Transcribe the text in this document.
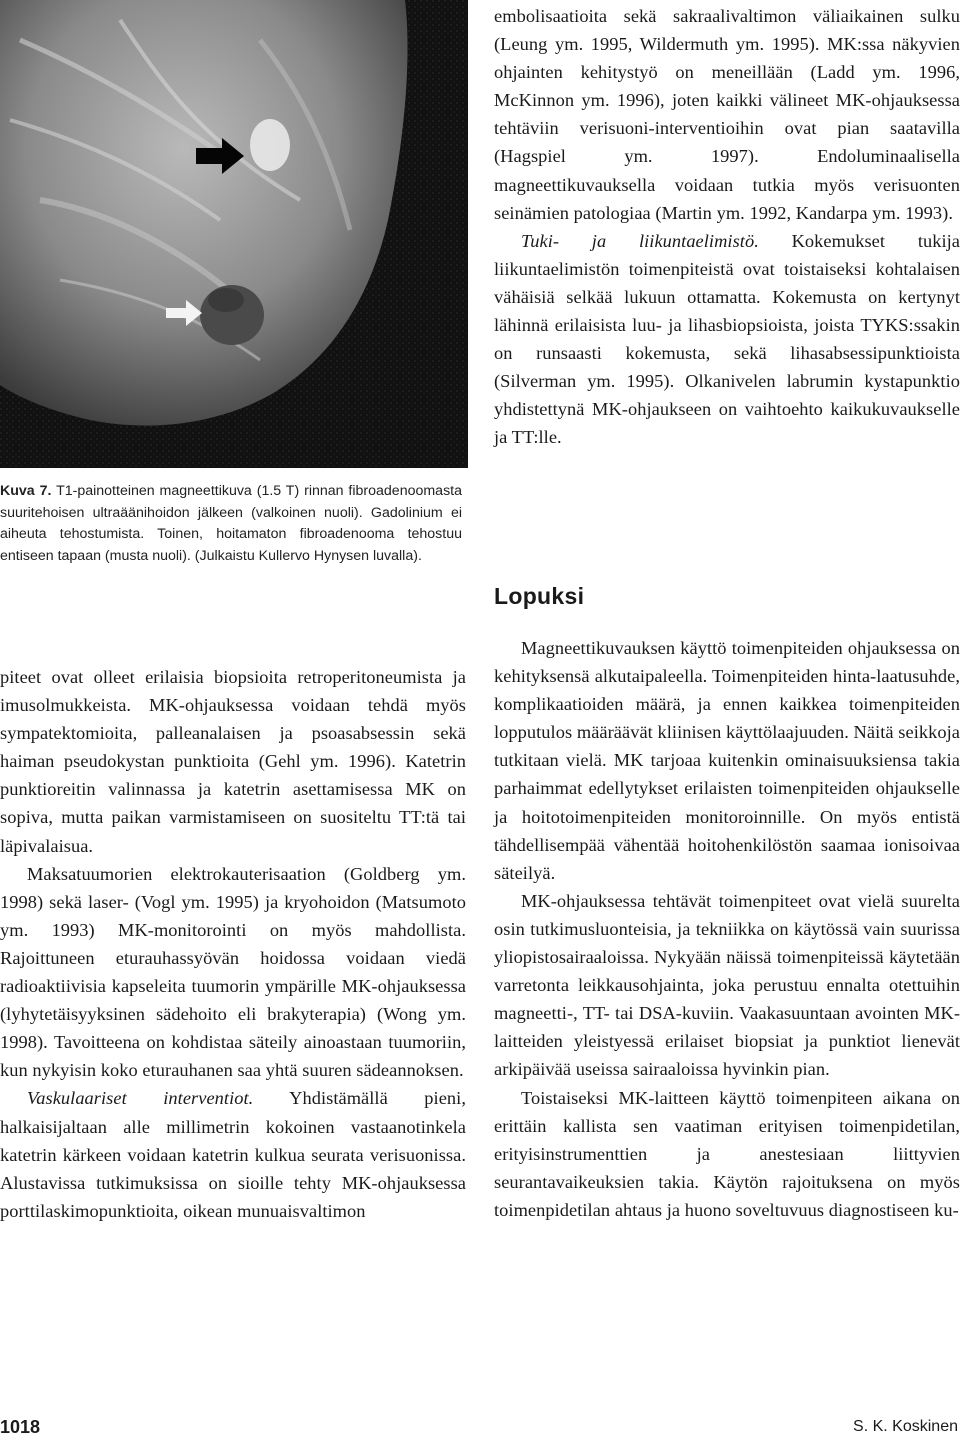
Kuva 7. T1-painotteinen magneettikuva (1.5 T) rinnan fibroadenoomasta suuritehoisen ultraäänihoidon jälkeen (valkoinen nuoli). Gadolinium ei aiheuta tehostumista. Toinen, hoitamaton fibroadenooma tehostuu entiseen tapaan (musta nuoli). (Julkaistu Kullervo Hynysen luvalla).

piteet ovat olleet erilaisia biopsioita retroperitoneumista ja imusolmukkeista. MK-ohjauksessa voidaan tehdä myös sympatektomioita, palleanalaisen ja psoasabsessin sekä haiman pseudokystan punktioita (Gehl ym. 1996). Katetrin punktioreitin valinnassa ja katetrin asettamisessa MK on sopiva, mutta paikan varmistamiseen on suositeltu TT:tä tai läpivalaisua.

Maksatuumorien elektrokauterisaation (Goldberg ym. 1998) sekä laser- (Vogl ym. 1995) ja kryohoidon (Matsumoto ym. 1993) MK-monitorointi on myös mahdollista. Rajoittuneen eturauhassyövän hoidossa voidaan viedä radioaktiivisia kapseleita tuumorin ympärille MK-ohjauksessa (lyhytetäisyyksinen sädehoito eli brakyterapia) (Wong ym. 1998). Tavoitteena on kohdistaa säteily ainoastaan tuumoriin, kun nykyisin koko eturauhanen saa yhtä suuren sädeannoksen.

Vaskulaariset interventiot. Yhdistämällä pieni, halkaisijaltaan alle millimetrin kokoinen vastaanotinkela katetrin kärkeen voidaan katetrin kulkua seurata verisuonissa. Alustavissa tutkimuksissa on sioille tehty MK-ohjauksessa porttilaskimopunktioita, oikean munuaisvaltimon

embolisaatioita sekä sakraalivaltimon väliaikainen sulku (Leung ym. 1995, Wildermuth ym. 1995). MK:ssa näkyvien ohjainten kehitystyö on meneillään (Ladd ym. 1996, McKinnon ym. 1996), joten kaikki välineet MK-ohjauksessa tehtäviin verisuoni-interventioihin ovat pian saatavilla (Hagspiel ym. 1997). Endoluminaalisella magneettikuvauksella voidaan tutkia myös verisuonten seinämien patologiaa (Martin ym. 1992, Kandarpa ym. 1993).

Tuki- ja liikuntaelimistö. Kokemukset tukija liikuntaelimistön toimenpiteistä ovat toistaiseksi kohtalaisen vähäisiä selkää lukuun ottamatta. Kokemusta on kertynyt lähinnä erilaisista luu- ja lihasbiopsioista, joista TYKS:ssakin on runsaasti kokemusta, sekä lihasabsessipunktioista (Silverman ym. 1995). Olkanivelen labrumin kystapunktio yhdistettynä MK-ohjaukseen on vaihtoehto kaikukuvaukselle ja TT:lle.

Lopuksi

Magneettikuvauksen käyttö toimenpiteiden ohjauksessa on kehityksensä alkutaipaleella. Toimenpiteiden hinta-laatusuhde, komplikaatioiden määrä, ja ennen kaikkea toimenpiteiden lopputulos määräävät kliinisen käyttölaajuuden. Näitä seikkoja tutkitaan vielä. MK tarjoaa kuitenkin ominaisuuksiensa takia parhaimmat edellytykset erilaisten toimenpiteiden ohjaukselle ja hoitotoimenpiteiden monitoroinnille. On myös entistä tähdellisempää vähentää hoitohenkilöstön saamaa ionisoivaa säteilyä.

MK-ohjauksessa tehtävät toimenpiteet ovat vielä suurelta osin tutkimusluonteisia, ja tekniikka on käytössä vain suurissa yliopistosairaaloissa. Nykyään näissä toimenpiteissä käytetään varretonta leikkausohjainta, joka perustuu ennalta otettuihin magneetti-, TT- tai DSA-kuviin. Vaakasuuntaan avointen MK-laitteiden yleistyessä erilaiset biopsiat ja punktiot lienevät arkipäivää useissa sairaaloissa hyvinkin pian.

Toistaiseksi MK-laitteen käyttö toimenpiteen aikana on erittäin kallista sen vaatiman erityisen toimenpidetilan, erityisinstrumenttien ja anestesiaan liittyvien seurantavaikeuksien takia. Käytön rajoituksena on myös toimenpidetilan ahtaus ja huono soveltuvuus diagnostiseen ku-

1018	S. K. Koskinen
